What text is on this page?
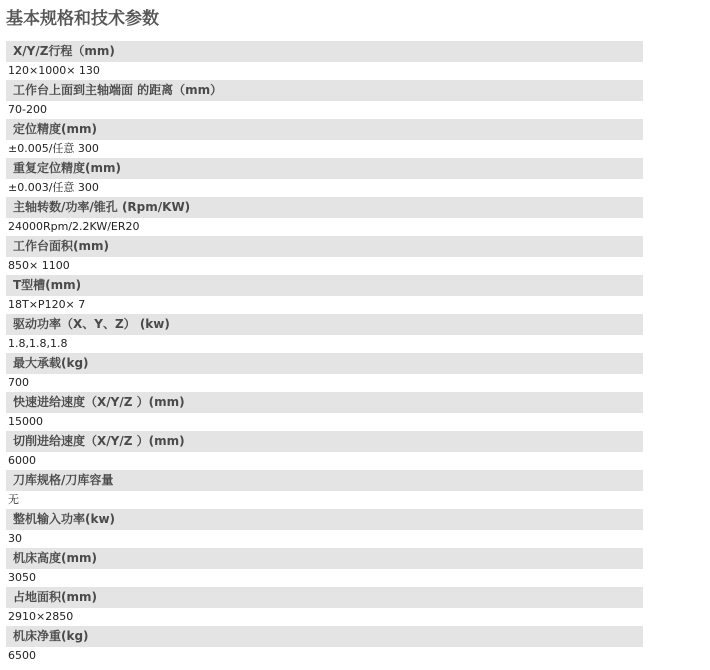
基本规格和技术参数
X/Y/Z行程（mm)
120×1000× 130
工作台上面到主轴端面 的距离（mm）
70-200
定位精度(mm)
±0.005/任意 300
重复定位精度(mm)
±0.003/任意 300
主轴转数/功率/锥孔 (Rpm/KW)
24000Rpm/2.2KW/ER20
工作台面积(mm)
850× 1100
T型槽(mm)
18T×P120× 7
驱动功率（X、Y、Z） (kw)
1.8,1.8,1.8
最大承载(kg)
700
快速进给速度（X/Y/Z ）(mm)
15000
切削进给速度（X/Y/Z ）(mm)
6000
刀库规格/刀库容量
无
整机输入功率(kw)
30
机床高度(mm)
3050
占地面积(mm)
2910×2850
机床净重(kg)
6500
